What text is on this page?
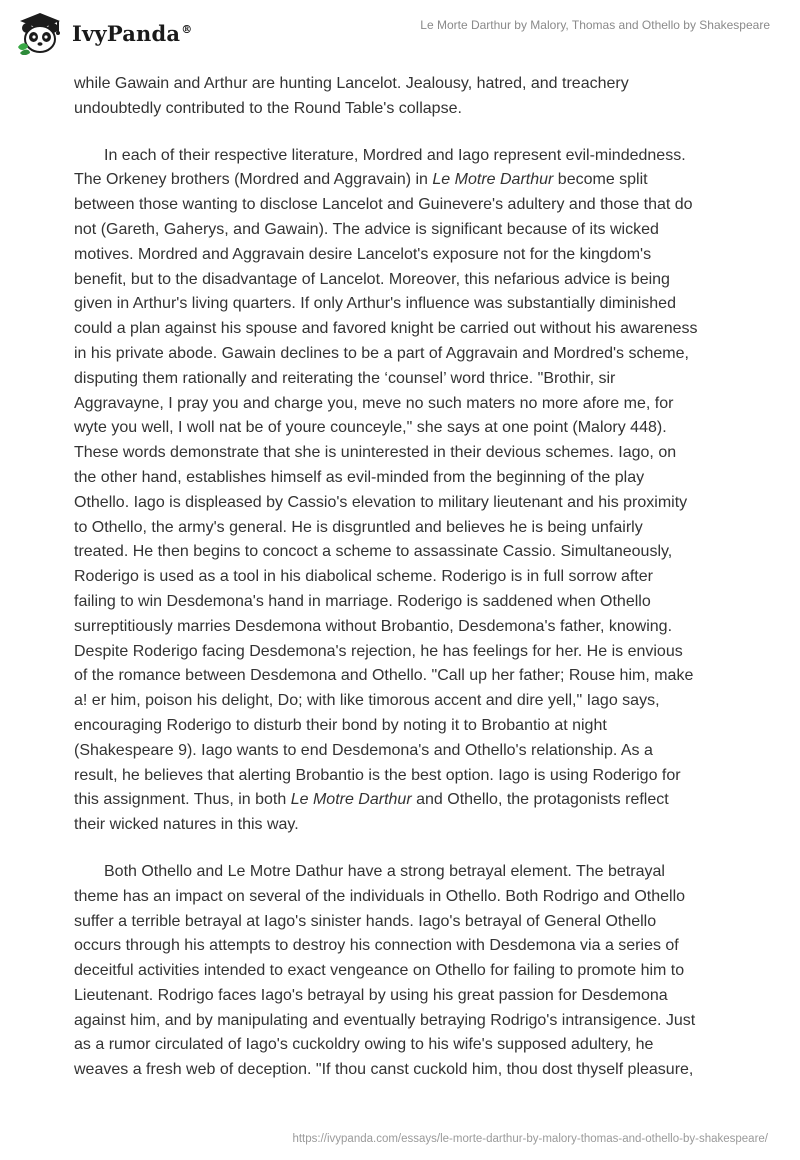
IvyPanda®	Le Morte Darthur by Malory, Thomas and Othello by Shakespeare

while Gawain and Arthur are hunting Lancelot. Jealousy, hatred, and treachery
undoubtedly contributed to the Round Table's collapse.

In each of their respective literature, Mordred and Iago represent evil-mindedness.
The Orkeney brothers (Mordred and Aggravain) in Le Motre Darthur become split
between those wanting to disclose Lancelot and Guinevere's adultery and those that do
not (Gareth, Gaherys, and Gawain). The advice is significant because of its wicked
motives. Mordred and Aggravain desire Lancelot's exposure not for the kingdom's
benefit, but to the disadvantage of Lancelot. Moreover, this nefarious advice is being
given in Arthur's living quarters. If only Arthur's influence was substantially diminished
could a plan against his spouse and favored knight be carried out without his awareness
in his private abode. Gawain declines to be a part of Aggravain and Mordred's scheme,
disputing them rationally and reiterating the ‘counsel’ word thrice. "Brothir, sir
Aggravayne, I pray you and charge you, meve no such maters no more afore me, for
wyte you well, I woll nat be of youre counceyle," she says at one point (Malory 448).
These words demonstrate that she is uninterested in their devious schemes. Iago, on
the other hand, establishes himself as evil-minded from the beginning of the play
Othello. Iago is displeased by Cassio's elevation to military lieutenant and his proximity
to Othello, the army's general. He is disgruntled and believes he is being unfairly
treated. He then begins to concoct a scheme to assassinate Cassio. Simultaneously,
Roderigo is used as a tool in his diabolical scheme. Roderigo is in full sorrow after
failing to win Desdemona's hand in marriage. Roderigo is saddened when Othello
surreptitiously marries Desdemona without Brobantio, Desdemona's father, knowing.
Despite Roderigo facing Desdemona's rejection, he has feelings for her. He is envious
of the romance between Desdemona and Othello. "Call up her father; Rouse him, make
a! er him, poison his delight, Do; with like timorous accent and dire yell," Iago says,
encouraging Roderigo to disturb their bond by noting it to Brobantio at night
(Shakespeare 9). Iago wants to end Desdemona's and Othello's relationship. As a
result, he believes that alerting Brobantio is the best option. Iago is using Roderigo for
this assignment. Thus, in both Le Motre Darthur and Othello, the protagonists reflect
their wicked natures in this way.

Both Othello and Le Motre Dathur have a strong betrayal element. The betrayal
theme has an impact on several of the individuals in Othello. Both Rodrigo and Othello
suffer a terrible betrayal at Iago's sinister hands. Iago's betrayal of General Othello
occurs through his attempts to destroy his connection with Desdemona via a series of
deceitful activities intended to exact vengeance on Othello for failing to promote him to
Lieutenant. Rodrigo faces Iago's betrayal by using his great passion for Desdemona
against him, and by manipulating and eventually betraying Rodrigo's intransigence. Just
as a rumor circulated of Iago's cuckoldry owing to his wife's supposed adultery, he
weaves a fresh web of deception. "If thou canst cuckold him, thou dost thyself pleasure,

https://ivypanda.com/essays/le-morte-darthur-by-malory-thomas-and-othello-by-shakespeare/
